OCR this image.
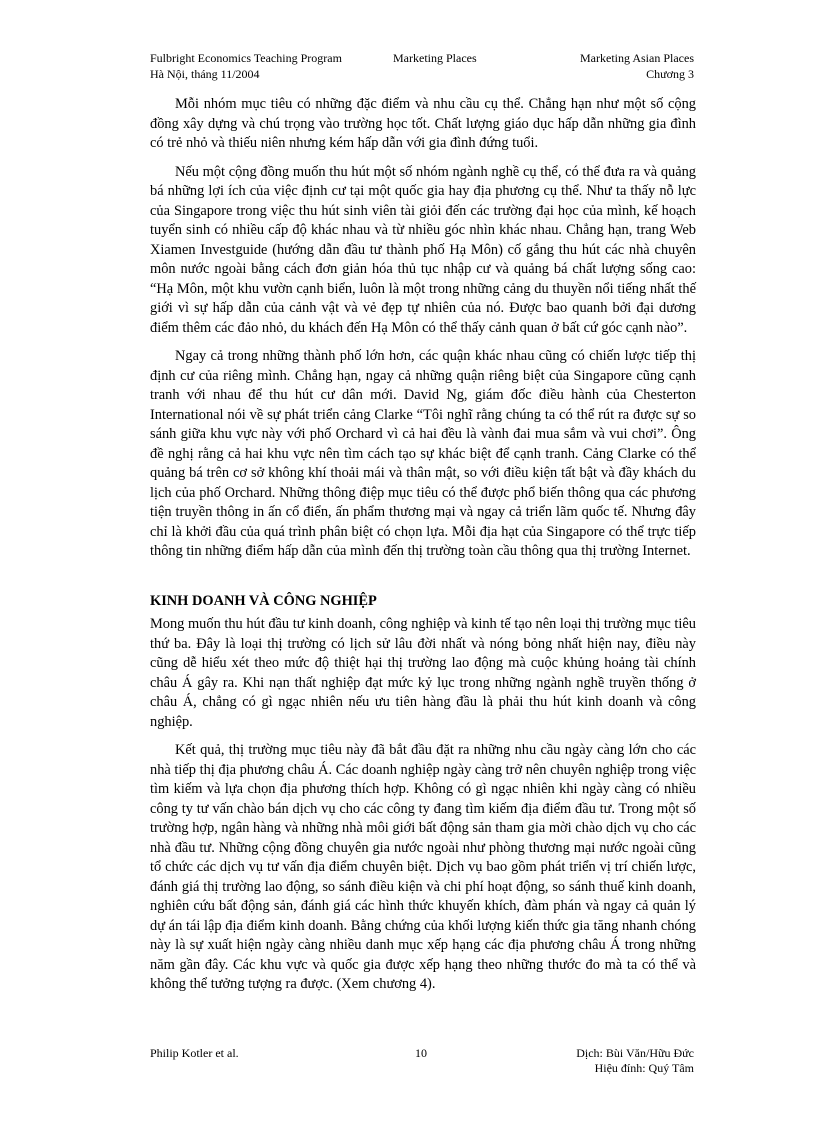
Fulbright Economics Teaching Program
Hà Nội, tháng 11/2004
Marketing Places	Marketing Asian Places
Chương 3

Mỗi nhóm mục tiêu có những đặc điểm và nhu cầu cụ thể. Chẳng hạn như một số cộng đồng xây dựng và chú trọng vào trường học tốt. Chất lượng giáo dục hấp dẫn những gia đình có trẻ nhỏ và thiếu niên nhưng kém hấp dẫn với gia đình đứng tuổi.

Nếu một cộng đồng muốn thu hút một số nhóm ngành nghề cụ thể, có thể đưa ra và quảng bá những lợi ích của việc định cư tại một quốc gia hay địa phương cụ thể. Như ta thấy nỗ lực của Singapore trong việc thu hút sinh viên tài giỏi đến các trường đại học của mình, kế hoạch tuyển sinh có nhiều cấp độ khác nhau và từ nhiều góc nhìn khác nhau. Chẳng hạn, trang Web Xiamen Investguide (hướng dẫn đầu tư thành phố Hạ Môn) cố gắng thu hút các nhà chuyên môn nước ngoài bằng cách đơn giản hóa thủ tục nhập cư và quảng bá chất lượng sống cao: “Hạ Môn, một khu vườn cạnh biển, luôn là một trong những cảng du thuyền nổi tiếng nhất thế giới vì sự hấp dẫn của cảnh vật và vẻ đẹp tự nhiên của nó. Được bao quanh bởi đại dương điểm thêm các đảo nhỏ, du khách đến Hạ Môn có thể thấy cảnh quan ở bất cứ góc cạnh nào”.

Ngay cả trong những thành phố lớn hơn, các quận khác nhau cũng có chiến lược tiếp thị định cư của riêng mình. Chẳng hạn, ngay cả những quận riêng biệt của Singapore cũng cạnh tranh với nhau để thu hút cư dân mới. David Ng, giám đốc điều hành của Chesterton International nói về sự phát triển cảng Clarke “Tôi nghĩ rằng chúng ta có thể rút ra được sự so sánh giữa khu vực này với phố Orchard vì cả hai đều là vành đai mua sắm và vui chơi”. Ông đề nghị rằng cả hai khu vực nên tìm cách tạo sự khác biệt để cạnh tranh. Cảng Clarke có thể quảng bá trên cơ sở không khí thoải mái và thân mật, so với điều kiện tất bật và đầy khách du lịch của phố Orchard. Những thông điệp mục tiêu có thể được phổ biến thông qua các phương tiện truyền thông in ấn cổ điển, ấn phẩm thương mại và ngay cả triển lãm quốc tế. Nhưng đây chỉ là khởi đầu của quá trình phân biệt có chọn lựa. Mỗi địa hạt của Singapore có thể trực tiếp thông tin những điểm hấp dẫn của mình đến thị trường toàn cầu thông qua thị trường Internet.

KINH DOANH VÀ CÔNG NGHIỆP

Mong muốn thu hút đầu tư kinh doanh, công nghiệp và kinh tế tạo nên loại thị trường mục tiêu thứ ba. Đây là loại thị trường có lịch sử lâu đời nhất và nóng bỏng nhất hiện nay, điều này cũng dễ hiểu xét theo mức độ thiệt hại thị trường lao động mà cuộc khủng hoảng tài chính châu Á gây ra. Khi nạn thất nghiệp đạt mức kỷ lục trong những ngành nghề truyền thống ở châu Á, chẳng có gì ngạc nhiên nếu ưu tiên hàng đầu là phải thu hút kinh doanh và công nghiệp.

Kết quả, thị trường mục tiêu này đã bắt đầu đặt ra những nhu cầu ngày càng lớn cho các nhà tiếp thị địa phương châu Á. Các doanh nghiệp ngày càng trở nên chuyên nghiệp trong việc tìm kiếm và lựa chọn địa phương thích hợp. Không có gì ngạc nhiên khi ngày càng có nhiều công ty tư vấn chào bán dịch vụ cho các công ty đang tìm kiếm địa điểm đầu tư. Trong một số trường hợp, ngân hàng và những nhà môi giới bất động sản tham gia mời chào dịch vụ cho các nhà đầu tư. Những cộng đồng chuyên gia nước ngoài như phòng thương mại nước ngoài cũng tổ chức các dịch vụ tư vấn địa điểm chuyên biệt. Dịch vụ bao gồm phát triển vị trí chiến lược, đánh giá thị trường lao động, so sánh điều kiện và chi phí hoạt động, so sánh thuế kinh doanh, nghiên cứu bất động sản, đánh giá các hình thức khuyến khích, đàm phán và ngay cả quản lý dự án tái lập địa điểm kinh doanh. Bằng chứng của khối lượng kiến thức gia tăng nhanh chóng này là sự xuất hiện ngày càng nhiều danh mục xếp hạng các địa phương châu Á trong những năm gần đây. Các khu vực và quốc gia được xếp hạng theo những thước đo mà ta có thể và không thể tưởng tượng ra được. (Xem chương 4).

Philip Kotler et al.	10	Dịch: Bùi Văn/Hữu Đức
Hiệu đính: Quý Tâm
